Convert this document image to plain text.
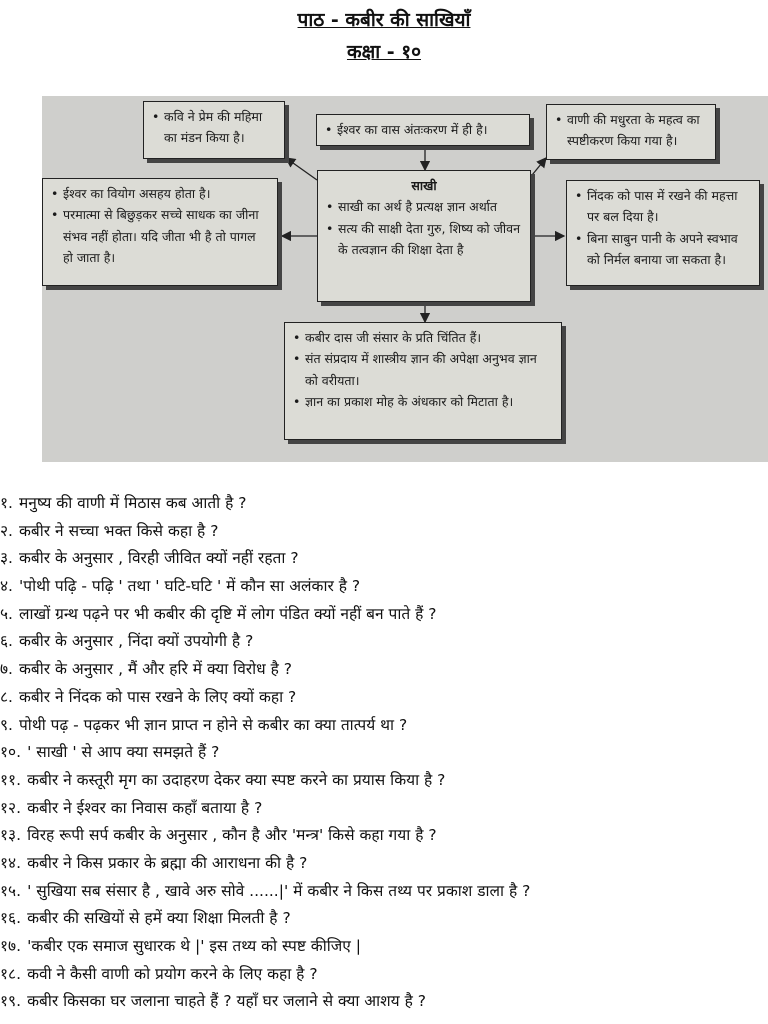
पाठ - कबीर की साखियाँ
कक्षा - १०
• कवि ने प्रेम की महिमा का मंडन किया है।
• ईश्वर का वास अंतःकरण में ही है।
• वाणी की मधुरता के महत्व का स्पष्टीकरण किया गया है।
• ईश्वर का वियोग असहय होता है।
• परमात्मा से बिछुड़कर सच्चे साधक का जीना संभव नहीं होता। यदि जीता भी है तो पागल हो जाता है।
साखी
• साखी का अर्थ है प्रत्यक्ष ज्ञान अर्थात
• सत्य की साक्षी देता गुरु, शिष्य को जीवन के तत्वज्ञान की शिक्षा देता है
• निंदक को पास में रखने की महत्ता पर बल दिया है।
• बिना साबुन पानी के अपने स्वभाव को निर्मल बनाया जा सकता है।
• कबीर दास जी संसार के प्रति चिंतित हैं।
• संत संप्रदाय में शास्त्रीय ज्ञान की अपेक्षा अनुभव ज्ञान को वरीयता।
• ज्ञान का प्रकाश मोह के अंधकार को मिटाता है।
१. मनुष्य की वाणी में मिठास कब आती है ?
२. कबीर ने सच्चा भक्त किसे कहा है ?
३. कबीर के अनुसार , विरही जीवित क्यों नहीं रहता ?
४. 'पोथी पढ़ि - पढ़ि ' तथा ' घटि-घटि ' में कौन सा अलंकार है ?
५. लाखों ग्रन्थ पढ़ने पर भी कबीर की दृष्टि में लोग पंडित क्यों नहीं बन पाते हैं ?
६. कबीर के अनुसार , निंदा क्यों उपयोगी है ?
७. कबीर के अनुसार , मैं और हरि में क्या विरोध है ?
८. कबीर ने निंदक को पास रखने के लिए क्यों कहा ?
९. पोथी पढ़ - पढ़कर भी ज्ञान प्राप्त न होने से कबीर का क्या तात्पर्य था ?
१०. ' साखी ' से आप क्या समझते हैं ?
११. कबीर ने कस्तूरी मृग का उदाहरण देकर क्या स्पष्ट करने का प्रयास किया है ?
१२. कबीर ने ईश्वर का निवास कहाँ बताया है ?
१३. विरह रूपी सर्प कबीर के अनुसार , कौन है और 'मन्त्र' किसे कहा गया है ?
१४. कबीर ने किस प्रकार के ब्रह्मा की आराधना की है ?
१५. ' सुखिया सब संसार है , खावे अरु सोवे ......|' में कबीर ने किस तथ्य पर प्रकाश डाला है ?
१६. कबीर की सखियों से हमें क्या शिक्षा मिलती है ?
१७. 'कबीर एक समाज सुधारक थे |' इस तथ्य को स्पष्ट कीजिए |
१८. कवी ने कैसी वाणी को प्रयोग करने के लिए कहा है ?
१९. कबीर किसका घर जलाना चाहते हैं ? यहाँ घर जलाने से क्या आशय है ?
